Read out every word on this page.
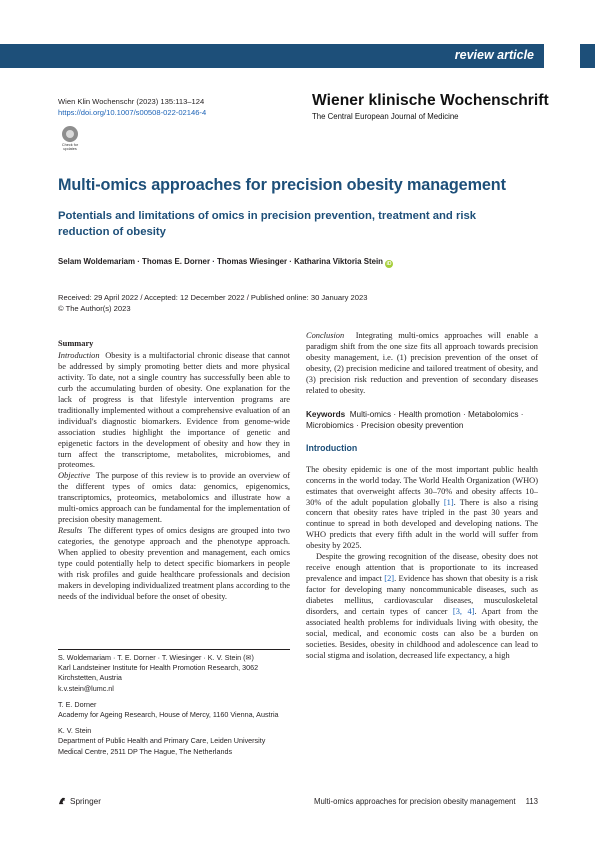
review article
Wien Klin Wochenschr (2023) 135:113–124
https://doi.org/10.1007/s00508-022-02146-4
Check for updates
Wiener klinische Wochenschrift
The Central European Journal of Medicine
Multi-omics approaches for precision obesity management
Potentials and limitations of omics in precision prevention, treatment and risk reduction of obesity
Selam Woldemariam · Thomas E. Dorner · Thomas Wiesinger · Katharina Viktoria Stein iD
Received: 29 April 2022 / Accepted: 12 December 2022 / Published online: 30 January 2023
© The Author(s) 2023
Summary

Introduction Obesity is a multifactorial chronic disease that cannot be addressed by simply promoting better diets and more physical activity. To date, not a single country has successfully been able to curb the accumulating burden of obesity. One explanation for the lack of progress is that lifestyle intervention programs are traditionally implemented without a comprehensive evaluation of an individual's diagnostic biomarkers. Evidence from genome-wide association studies highlight the importance of genetic and epigenetic factors in the development of obesity and how they in turn affect the transcriptome, metabolites, microbiomes, and proteomes.

Objective The purpose of this review is to provide an overview of the different types of omics data: genomics, epigenomics, transcriptomics, proteomics, metabolomics and illustrate how a multi-omics approach can be fundamental for the implementation of precision obesity management.

Results The different types of omics designs are grouped into two categories, the genotype approach and the phenotype approach. When applied to obesity prevention and management, each omics type could potentially help to detect specific biomarkers in people with risk profiles and guide healthcare professionals and decision makers in developing individualized treatment plans according to the needs of the individual before the onset of obesity.

S. Woldemariam · T. E. Dorner · T. Wiesinger · K. V. Stein (✉)
Karl Landsteiner Institute for Health Promotion Research, 3062 Kirchstetten, Austria
k.v.stein@lumc.nl
T. E. Dorner
Academy for Ageing Research, House of Mercy, 1160 Vienna, Austria
K. V. Stein
Department of Public Health and Primary Care, Leiden University Medical Centre, 2511 DP The Hague, The Netherlands

Conclusion Integrating multi-omics approaches will enable a paradigm shift from the one size fits all approach towards precision obesity management, i.e. (1) precision prevention of the onset of obesity, (2) precision medicine and tailored treatment of obesity, and (3) precision risk reduction and prevention of secondary diseases related to obesity.

Keywords Multi-omics · Health promotion · Metabolomics · Microbiomics · Precision obesity prevention

Introduction

The obesity epidemic is one of the most important public health concerns in the world today. The World Health Organization (WHO) estimates that overweight affects 30–70% and obesity affects 10–30% of the adult population globally [1]. There is also a rising concern that obesity rates have tripled in the past 30 years and continue to spread in both developed and developing nations. The WHO predicts that every fifth adult in the world will suffer from obesity by 2025.

Despite the growing recognition of the disease, obesity does not receive enough attention that is proportionate to its increased prevalence and impact [2]. Evidence has shown that obesity is a risk factor for developing many noncommunicable diseases, such as diabetes mellitus, cardiovascular diseases, musculoskeletal disorders, and certain types of cancer [3, 4]. Apart from the associated health problems for individuals living with obesity, the social, medical, and economic costs can also be a burden on societies. Besides, obesity in childhood and adolescence can lead to social stigma and isolation, decreased life expectancy, a high

Springer	Multi-omics approaches for precision obesity management 113
